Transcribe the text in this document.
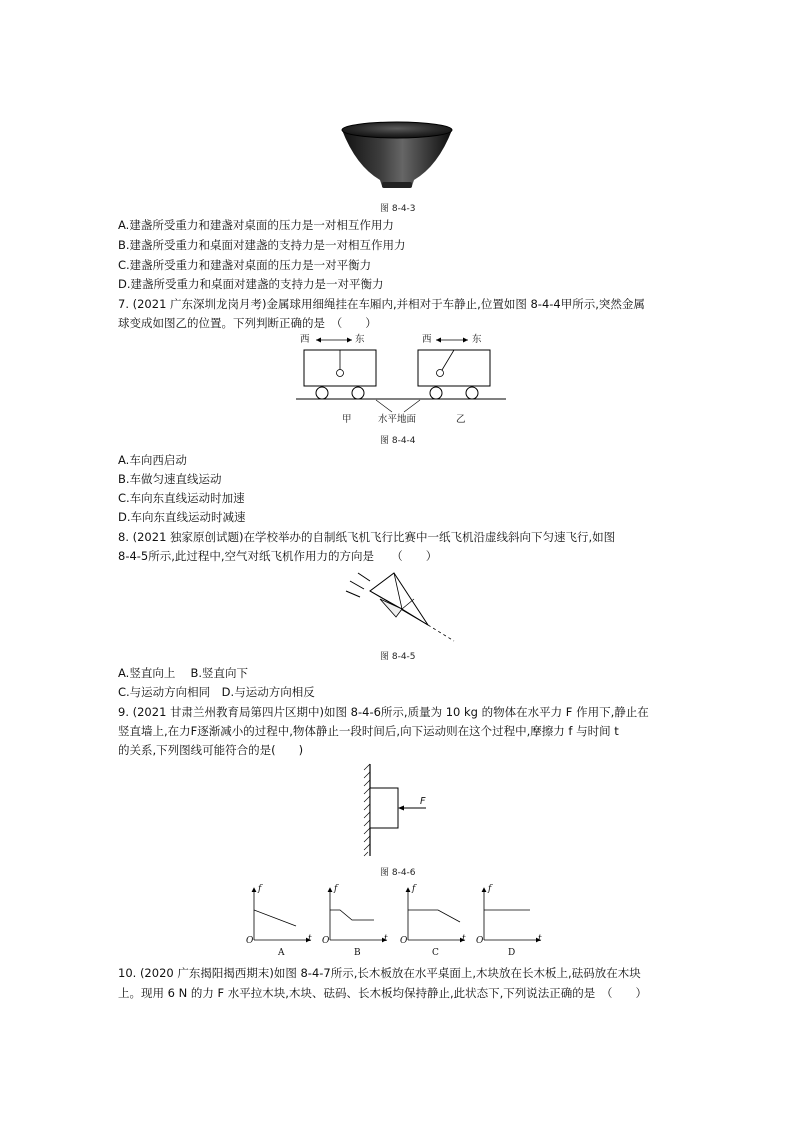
图 8-4-3
A.建盏所受重力和建盏对桌面的压力是一对相互作用力
B.建盏所受重力和桌面对建盏的支持力是一对相互作用力
C.建盏所受重力和建盏对桌面的压力是一对平衡力
D.建盏所受重力和桌面对建盏的支持力是一对平衡力
7. (2021 广东深圳龙岗月考)金属球用细绳挂在车厢内,并相对于车静止,位置如图 8-4-4甲所示,突然金属
球变成如图乙的位置。下列判断正确的是　（　　）
西	东	西	东
水平地面
甲	乙
图 8-4-4
A.车向西启动
B.车做匀速直线运动
C.车向东直线运动时加速
D.车向东直线运动时减速
8. (2021 独家原创试题)在学校举办的自制纸飞机飞行比赛中一纸飞机沿虚线斜向下匀速飞行,如图
8-4-5所示,此过程中,空气对纸飞机作用力的方向是　　（　　）
图 8-4-5
A.竖直向上　 B.竖直向下
C.与运动方向相同　D.与运动方向相反
9. (2021 甘肃兰州教育局第四片区期中)如图 8-4-6所示,质量为 10 kg 的物体在水平力 F 作用下,静止在
竖直墙上,在力F逐渐减小的过程中,物体静止一段时间后,向下运动则在这个过程中,摩擦力 f 与时间 t
的关系,下列图线可能符合的是(　　)
F
图 8-4-6
f
t
O
A
f
t
O
B
f
t
O
C
f
t
O
D
10. (2020 广东揭阳揭西期末)如图 8-4-7所示,长木板放在水平桌面上,木块放在长木板上,砝码放在木块
上。现用 6 N 的力 F 水平拉木块,木块、砝码、长木板均保持静止,此状态下,下列说法正确的是　（　　）
